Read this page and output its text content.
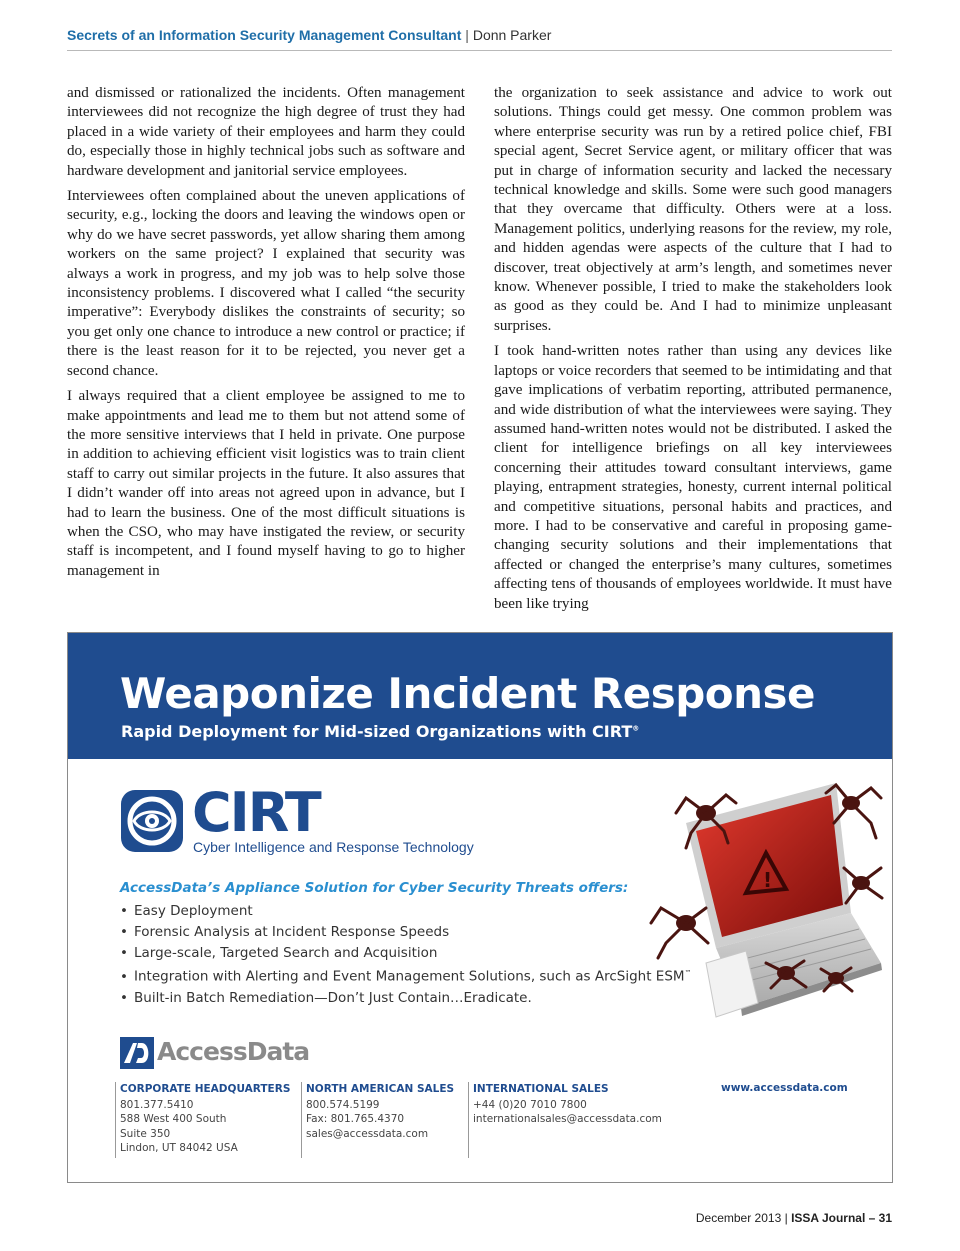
Secrets of an Information Security Management Consultant | Donn Parker

and dismissed or rationalized the incidents. Often management interviewees did not recognize the high degree of trust they had placed in a wide variety of their employees and harm they could do, especially those in highly technical jobs such as software and hardware development and janitorial service employees.

Interviewees often complained about the uneven applications of security, e.g., locking the doors and leaving the windows open or why do we have secret passwords, yet allow sharing them among workers on the same project? I explained that security was always a work in progress, and my job was to help solve those inconsistency problems. I discovered what I called “the security imperative”: Everybody dislikes the constraints of security; so you get only one chance to introduce a new control or practice; if there is the least reason for it to be rejected, you never get a second chance.

I always required that a client employee be assigned to me to make appointments and lead me to them but not attend some of the more sensitive interviews that I held in private. One purpose in addition to achieving efficient visit logistics was to train client staff to carry out similar projects in the future. It also assures that I didn’t wander off into areas not agreed upon in advance, but I had to learn the business. One of the most difficult situations is when the CSO, who may have instigated the review, or security staff is incompetent, and I found myself having to go to higher management in

the organization to seek assistance and advice to work out solutions. Things could get messy. One common problem was where enterprise security was run by a retired police chief, FBI special agent, Secret Service agent, or military officer that was put in charge of information security and lacked the necessary technical knowledge and skills. Some were such good managers that they overcame that difficulty. Others were at a loss. Management politics, underlying reasons for the review, my role, and hidden agendas were aspects of the culture that I had to discover, treat objectively at arm’s length, and sometimes never know. Whenever possible, I tried to make the stakeholders look as good as they could be. And I had to minimize unpleasant surprises.

I took hand-written notes rather than using any devices like laptops or voice recorders that seemed to be intimidating and that gave implications of verbatim reporting, attributed permanence, and wide distribution of what the interviewees were saying. They assumed hand-written notes would not be distributed. I asked the client for intelligence briefings on all key interviewees concerning their attitudes toward consultant interviews, game playing, entrapment strategies, honesty, current internal political and competitive situations, personal habits and practices, and more. I had to be conservative and careful in proposing game-changing security solutions and their implementations that affected or changed the enterprise’s many cultures, sometimes affecting tens of thousands of employees worldwide. It must have been like trying

Weaponize Incident Response
Rapid Deployment for Mid-sized Organizations with CIRT®
CIRT
Cyber Intelligence and Response Technology
AccessData’s Appliance Solution for Cyber Security Threats offers:
• Easy Deployment
• Forensic Analysis at Incident Response Speeds
• Large-scale, Targeted Search and Acquisition
• Integration with Alerting and Event Management Solutions, such as ArcSight ESM™
• Built-in Batch Remediation—Don’t Just Contain…Eradicate.
!
AccessData
CORPORATE HEADQUARTERS
801.377.5410
588 West 400 South
Suite 350
Lindon, UT 84042 USA
NORTH AMERICAN SALES
800.574.5199
Fax: 801.765.4370
sales@accessdata.com
INTERNATIONAL SALES
+44 (0)20 7010 7800
internationalsales@accessdata.com
www.accessdata.com
December 2013 | ISSA Journal – 31
